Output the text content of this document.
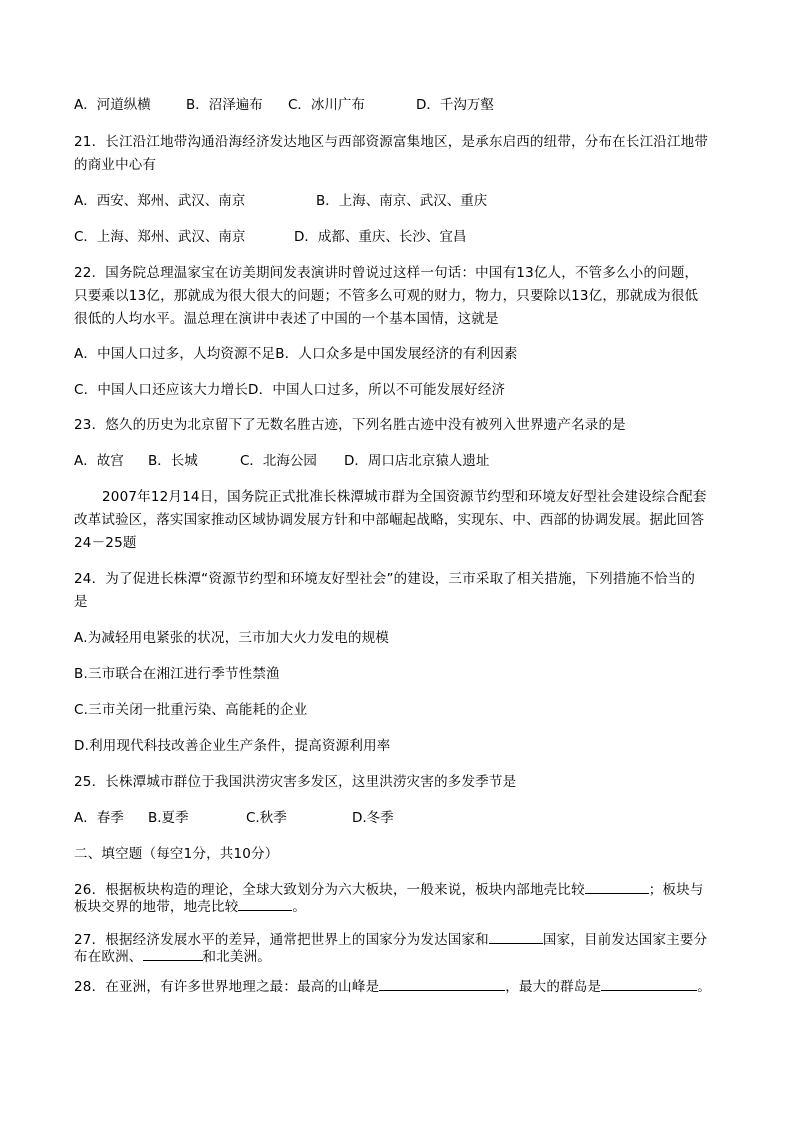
A．河道纵横	B．沼泽遍布 C．冰川广布	D．千沟万壑
21．长江沿江地带沟通沿海经济发达地区与西部资源富集地区，是承东启西的纽带，分布在长江沿江地带
的商业中心有
A．西安、郑州、武汉、南京	B．上海、南京、武汉、重庆
C．上海、郑州、武汉、南京	D．成都、重庆、长沙、宜昌
22．国务院总理温家宝在访美期间发表演讲时曾说过这样一句话：中国有13亿人，不管多么小的问题，
只要乘以13亿，那就成为很大很大的问题；不管多么可观的财力，物力，只要除以13亿，那就成为很低
很低的人均水平。温总理在演讲中表述了中国的一个基本国情，这就是
A．中国人口过多，人均资源不足B．人口众多是中国发展经济的有利因素
C．中国人口还应该大力增长D．中国人口过多，所以不可能发展好经济
23．悠久的历史为北京留下了无数名胜古迹，下列名胜古迹中没有被列入世界遗产名录的是
A．故宫 B．长城	C．北海公园 D．周口店北京猿人遗址
2007年12月14日，国务院正式批准长株潭城市群为全国资源节约型和环境友好型社会建设综合配套
改革试验区，落实国家推动区域协调发展方针和中部崛起战略，实现东、中、西部的协调发展。据此回答
24－25题
24．为了促进长株潭“资源节约型和环境友好型社会”的建设，三市采取了相关措施，下列措施不恰当的
是
A.为减轻用电紧张的状况，三市加大火力发电的规模
B.三市联合在湘江进行季节性禁渔
C.三市关闭一批重污染、高能耗的企业
D.利用现代科技改善企业生产条件，提高资源利用率
25．长株潭城市群位于我国洪涝灾害多发区，这里洪涝灾害的多发季节是
A．春季 B.夏季	C.秋季	D.冬季
二、填空题（每空1分，共10分）
26．根据板块构造的理论，全球大致划分为六大板块，一般来说，板块内部地壳比较	；板块与
板块交界的地带，地壳比较	。
27．根据经济发展水平的差异，通常把世界上的国家分为发达国家和	国家，目前发达国家主要分
布在欧洲、	和北美洲。
28．在亚洲，有许多世界地理之最：最高的山峰是	，最大的群岛是	。
